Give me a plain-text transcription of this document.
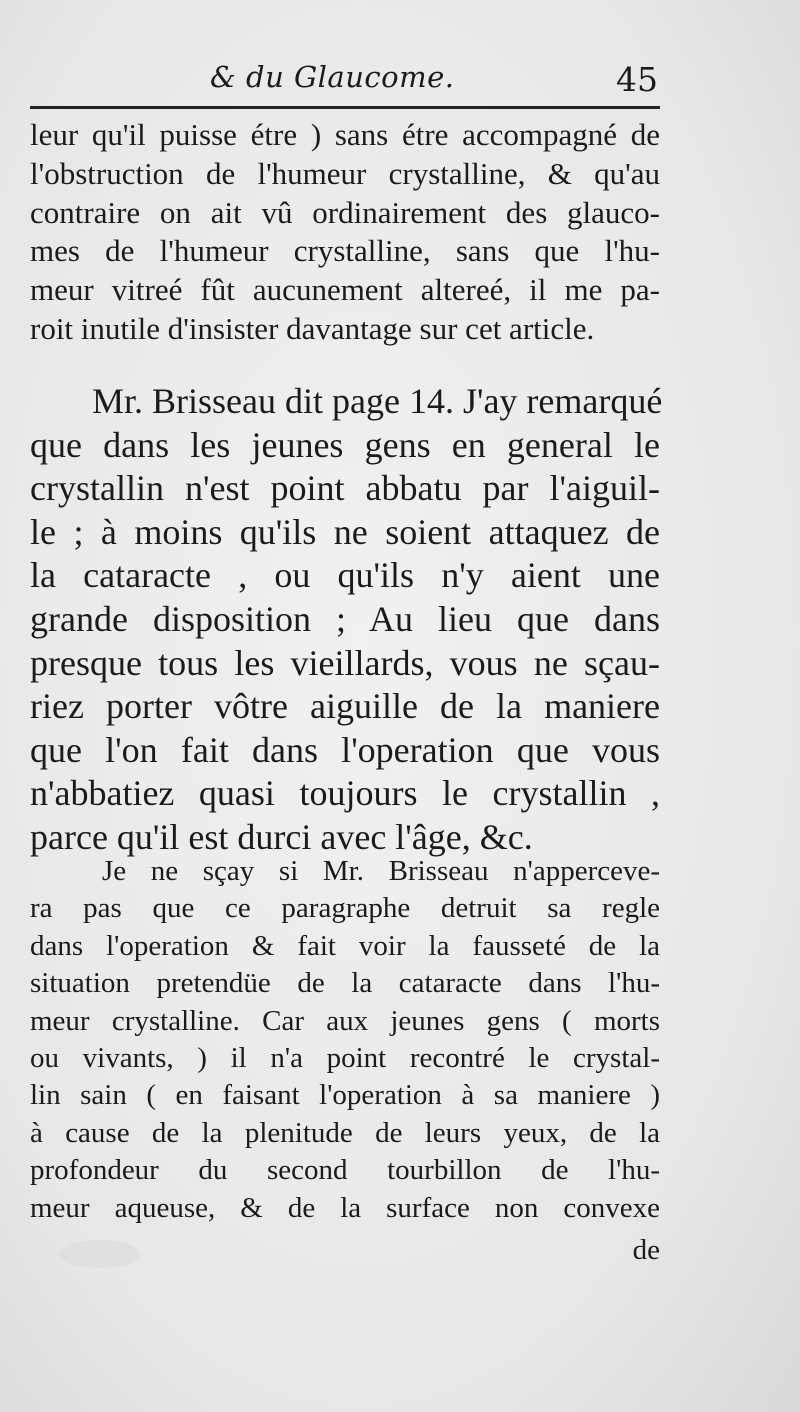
& du Glaucome.	45
leur qu'il puisse étre ) sans étre accompagné de
l'obstruction de l'humeur crystalline, & qu'au
contraire on ait vû ordinairement des glauco-
mes de l'humeur crystalline, sans que l'hu-
meur vitreé fût aucunement altereé, il me pa-
roit inutile d'insister davantage sur cet article.
Mr. Brisseau dit page 14. J'ay remarqué
que dans les jeunes gens en general le
crystallin n'est point abbatu par l'aiguil-
le ; à moins qu'ils ne soient attaquez de
la cataracte , ou qu'ils n'y aient une
grande disposition ; Au lieu que dans
presque tous les vieillards, vous ne sçau-
riez porter vôtre aiguille de la maniere
que l'on fait dans l'operation que vous
n'abbatiez quasi toujours le crystallin ,
parce qu'il est durci avec l'âge, &c.
Je ne sçay si Mr. Brisseau n'apperceve-
ra pas que ce paragraphe detruit sa regle
dans l'operation & fait voir la fausseté de la
situation pretendüe de la cataracte dans l'hu-
meur crystalline. Car aux jeunes gens ( morts
ou vivants, ) il n'a point recontré le crystal-
lin sain ( en faisant l'operation à sa maniere )
à cause de la plenitude de leurs yeux, de la
profondeur du second tourbillon de l'hu-
meur aqueuse, & de la surface non convexe
de
